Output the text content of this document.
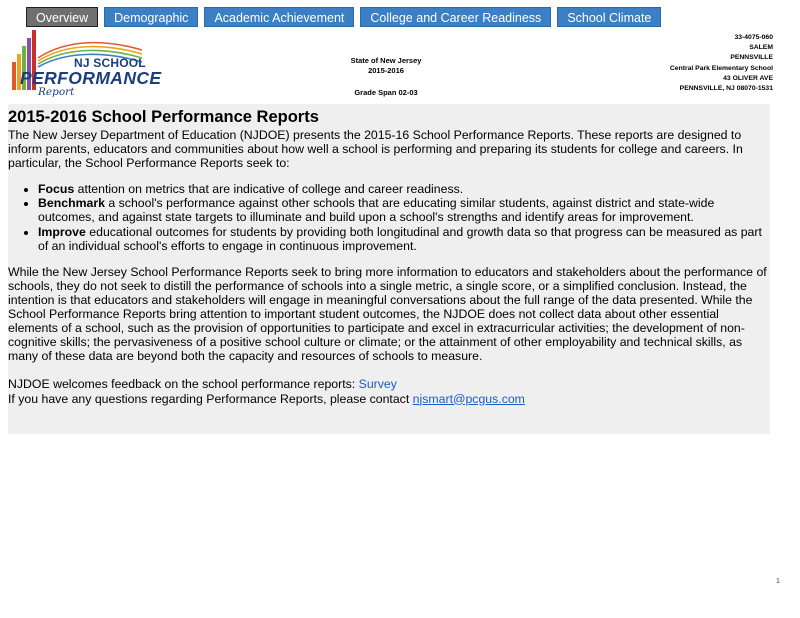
Overview	Demographic	Academic Achievement	College and Career Readiness	School Climate
NJ SCHOOL
PERFORMANCE
Report
State of New Jersey
2015-2016
Grade Span 02-03
33-4075-060
SALEM
PENNSVILLE
Central Park Elementary School
43 OLIVER AVE
PENNSVILLE, NJ 08070-1531
2015-2016 School Performance Reports

The New Jersey Department of Education (NJDOE) presents the 2015-16 School Performance Reports. These reports are designed to inform parents, educators and communities about how well a school is performing and preparing its students for college and careers. In particular, the School Performance Reports seek to:

• Focus attention on metrics that are indicative of college and career readiness.
• Benchmark a school's performance against other schools that are educating similar students, against district and state-wide outcomes, and against state targets to illuminate and build upon a school's strengths and identify areas for improvement.
• Improve educational outcomes for students by providing both longitudinal and growth data so that progress can be measured as part of an individual school's efforts to engage in continuous improvement.

While the New Jersey School Performance Reports seek to bring more information to educators and stakeholders about the performance of schools, they do not seek to distill the performance of schools into a single metric, a single score, or a simplified conclusion. Instead, the intention is that educators and stakeholders will engage in meaningful conversations about the full range of the data presented. While the School Performance Reports bring attention to important student outcomes, the NJDOE does not collect data about other essential elements of a school, such as the provision of opportunities to participate and excel in extracurricular activities; the development of non-cognitive skills; the pervasiveness of a positive school culture or climate; or the attainment of other employability and technical skills, as many of these data are beyond both the capacity and resources of schools to measure.

NJDOE welcomes feedback on the school performance reports: Survey

If you have any questions regarding Performance Reports, please contact njsmart@pcgus.com

1
